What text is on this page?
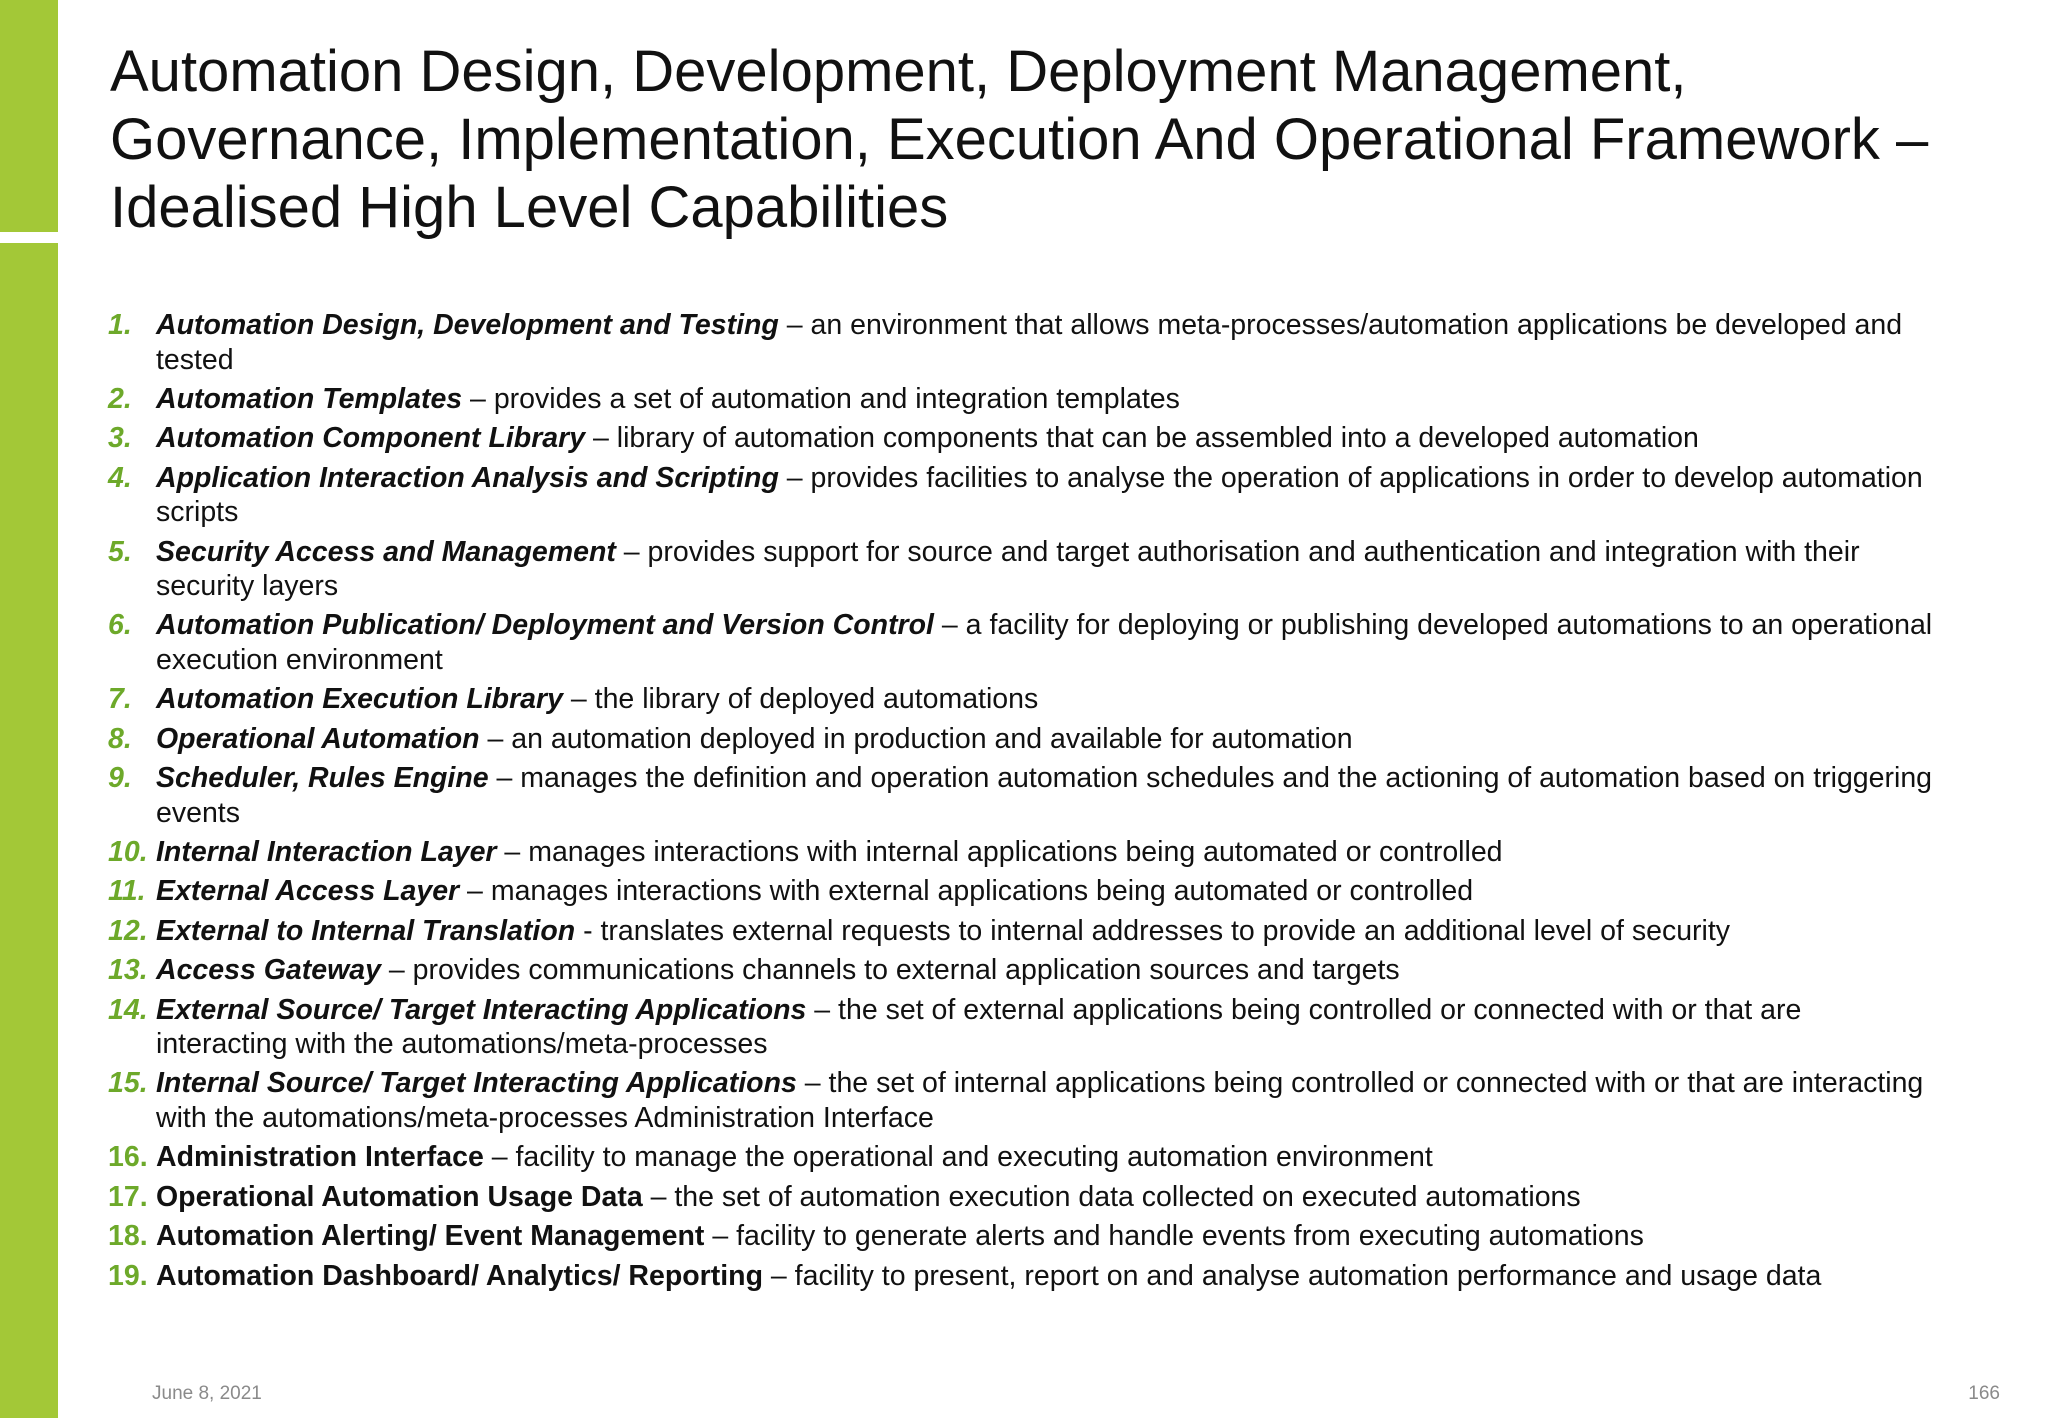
Automation Design, Development, Deployment Management, Governance, Implementation, Execution And Operational Framework – Idealised High Level Capabilities
1. Automation Design, Development and Testing – an environment that allows meta-processes/automation applications be developed and tested
2. Automation Templates – provides a set of automation and integration templates
3. Automation Component Library – library of automation components that can be assembled into a developed automation
4. Application Interaction Analysis and Scripting – provides facilities to analyse the operation of applications in order to develop automation scripts
5. Security Access and Management – provides support for source and target authorisation and authentication and integration with their security layers
6. Automation Publication/ Deployment and Version Control – a facility for deploying or publishing developed automations to an operational execution environment
7. Automation Execution Library – the library of deployed automations
8. Operational Automation – an automation deployed in production and available for automation
9. Scheduler, Rules Engine – manages the definition and operation automation schedules and the actioning of automation based on triggering events
10. Internal Interaction Layer – manages interactions with internal applications being automated or controlled
11. External Access Layer – manages interactions with external applications being automated or controlled
12. External to Internal Translation - translates external requests to internal addresses to provide an additional level of security
13. Access Gateway – provides communications channels to external application sources and targets
14. External Source/ Target Interacting Applications – the set of external applications being controlled or connected with or that are interacting with the automations/meta-processes
15. Internal Source/ Target Interacting Applications – the set of internal applications being controlled or connected with or that are interacting with the automations/meta-processes Administration Interface
16. Administration Interface – facility to manage the operational and executing automation environment
17. Operational Automation Usage Data – the set of automation execution data collected on executed automations
18. Automation Alerting/ Event Management – facility to generate alerts and handle events from executing automations
19. Automation Dashboard/ Analytics/ Reporting – facility to present, report on and analyse automation performance and usage data
June 8, 2021	166
